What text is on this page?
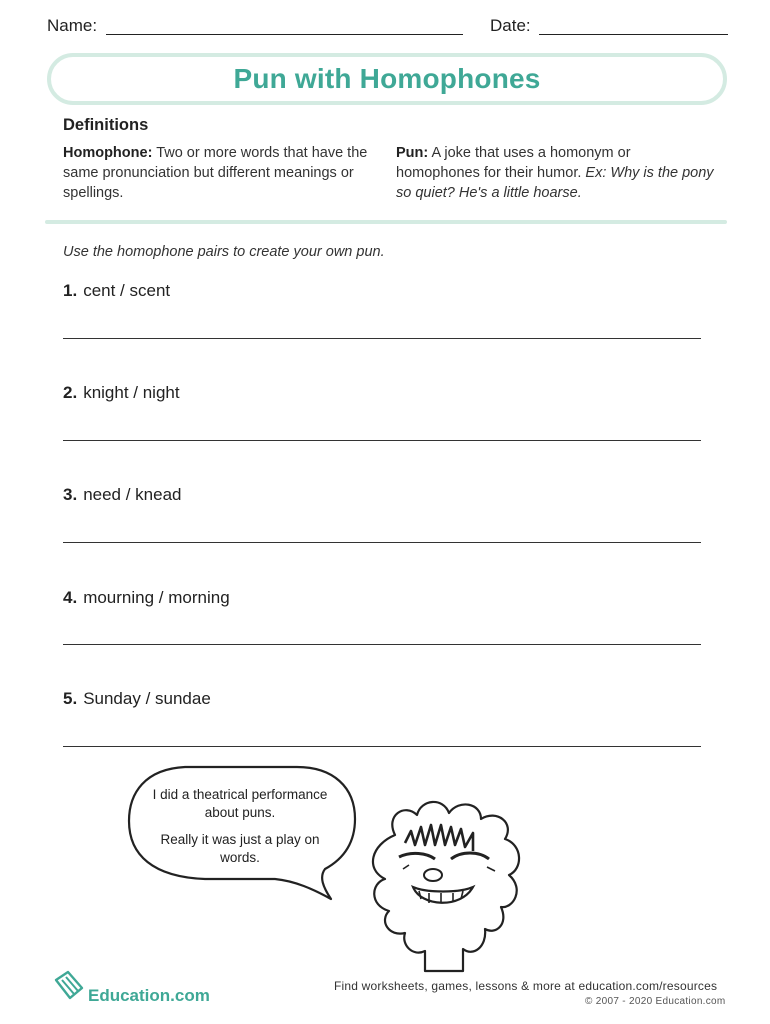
Name:	Date:
Pun with Homophones
Definitions
Homophone: Two or more words that have the same pronunciation but different meanings or spellings.
Pun: A joke that uses a homonym or homophones for their humor. Ex: Why is the pony so quiet? He's a little hoarse.
Use the homophone pairs to create your own pun.
1. cent / scent
2. knight / night
3. need / knead
4. mourning / morning
5. Sunday / sundae
I did a theatrical performance about puns.
Really it was just a play on words.
Education.com	Find worksheets, games, lessons & more at education.com/resources
© 2007 - 2020 Education.com
